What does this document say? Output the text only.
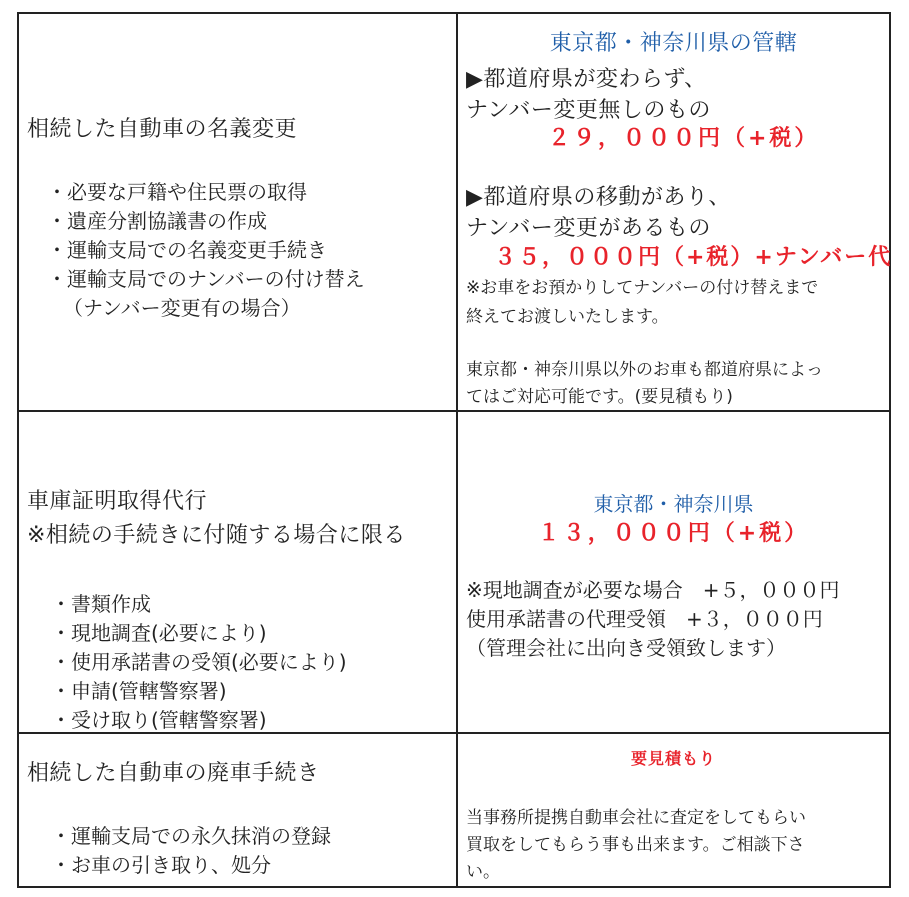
相続した自動車の名義変更
・必要な戸籍や住民票の取得
・遺産分割協議書の作成
・運輸支局での名義変更手続き
・運輸支局でのナンバーの付け替え
（ナンバー変更有の場合）
東京都・神奈川県の管轄
▶都道府県が変わらず、
ナンバー変更無しのもの
２９，０００円（+税）
▶都道府県の移動があり、
ナンバー変更があるもの
３５，０００円（+税）+ナンバー代
※お車をお預かりしてナンバーの付け替えまで
終えてお渡しいたします。
東京都・神奈川県以外のお車も都道府県によっ
てはご対応可能です。(要見積もり)
車庫証明取得代行
※相続の手続きに付随する場合に限る
・書類作成
・現地調査(必要により)
・使用承諾書の受領(必要により)
・申請(管轄警察署)
・受け取り(管轄警察署)
東京都・神奈川県
１３，０００円（+税）
※現地調査が必要な場合　+５，０００円
使用承諾書の代理受領　+３，０００円
（管理会社に出向き受領致します）
相続した自動車の廃車手続き
・運輸支局での永久抹消の登録
・お車の引き取り、処分
要見積もり
当事務所提携自動車会社に査定をしてもらい
買取をしてもらう事も出来ます。ご相談下さ
い。
